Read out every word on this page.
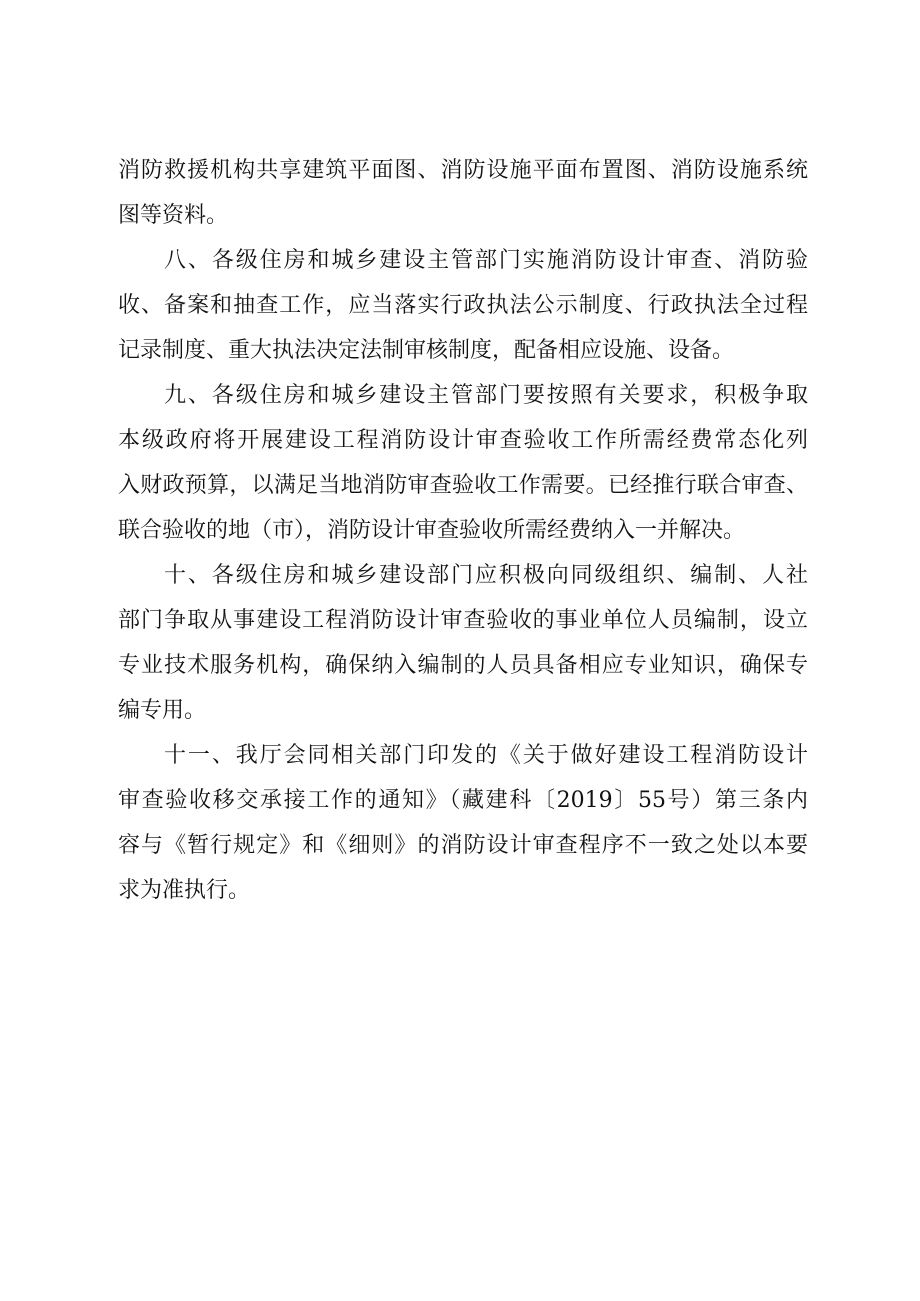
消防救援机构共享建筑平面图、消防设施平面布置图、消防设施系统
图等资料。
八、各级住房和城乡建设主管部门实施消防设计审查、消防验
收、备案和抽查工作，应当落实行政执法公示制度、行政执法全过程
记录制度、重大执法决定法制审核制度，配备相应设施、设备。
九、各级住房和城乡建设主管部门要按照有关要求，积极争取
本级政府将开展建设工程消防设计审查验收工作所需经费常态化列
入财政预算，以满足当地消防审查验收工作需要。已经推行联合审查、
联合验收的地（市），消防设计审查验收所需经费纳入一并解决。
十、各级住房和城乡建设部门应积极向同级组织、编制、人社
部门争取从事建设工程消防设计审查验收的事业单位人员编制，设立
专业技术服务机构，确保纳入编制的人员具备相应专业知识，确保专
编专用。
十一、我厅会同相关部门印发的《关于做好建设工程消防设计
审查验收移交承接工作的通知》（藏建科〔2019〕55号）第三条内
容与《暂行规定》和《细则》的消防设计审查程序不一致之处以本要
求为准执行。
